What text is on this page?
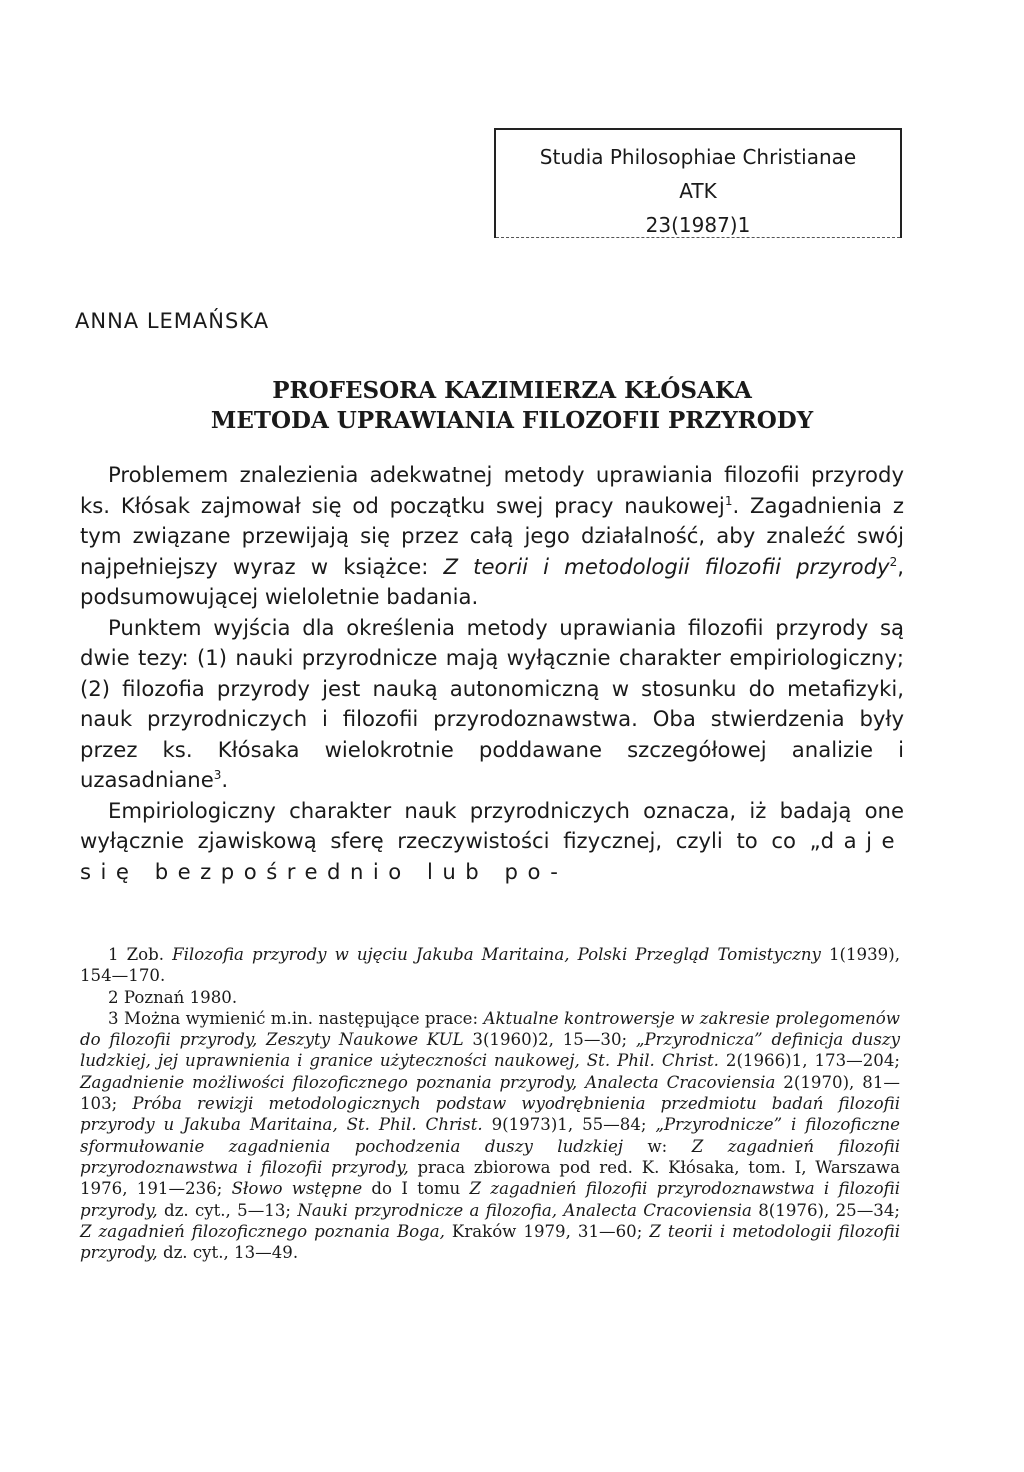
Studia Philosophiae Christianae
ATK
23(1987)1
ANNA LEMAŃSKA
PROFESORA KAZIMIERZA KŁÓSAKA
METODA UPRAWIANIA FILOZOFII PRZYRODY

Problemem znalezienia adekwatnej metody uprawiania filozofii przyrody ks. Kłósak zajmował się od początku swej pracy naukowej$^1$. Zagadnienia z tym związane przewijają się przez całą jego działalność, aby znaleźć swój najpełniejszy wyraz w książce: Z teorii i metodologii filozofii przyrody$^2$, podsumowującej wieloletnie badania.

Punktem wyjścia dla określenia metody uprawiania filozofii przyrody są dwie tezy: (1) nauki przyrodnicze mają wyłącznie charakter empiriologiczny; (2) filozofia przyrody jest nauką autonomiczną w stosunku do metafizyki, nauk przyrodniczych i filozofii przyrodoznawstwa. Oba stwierdzenia były przez ks. Kłósaka wielokrotnie poddawane szczegółowej analizie i uzasadniane$^3$.

Empiriologiczny charakter nauk przyrodniczych oznacza, iż badają one wyłącznie zjawiskową sferę rzeczywistości fizycznej, czyli to co „daje się bezpośrednio lub po-

1 Zob. Filozofia przyrody w ujęciu Jakuba Maritaina, Polski Przegląd Tomistyczny 1(1939), 154—170.

2 Poznań 1980.

3 Można wymienić m.in. następujące prace: Aktualne kontrowersje w zakresie prolegomenów do filozofii przyrody, Zeszyty Naukowe KUL 3(1960)2, 15—30; „Przyrodnicza” definicja duszy ludzkiej, jej uprawnienia i granice użyteczności naukowej, St. Phil. Christ. 2(1966)1, 173—204; Zagadnienie możliwości filozoficznego poznania przyrody, Analecta Cracoviensia 2(1970), 81—103; Próba rewizji metodologicznych podstaw wyodrębnienia przedmiotu badań filozofii przyrody u Jakuba Maritaina, St. Phil. Christ. 9(1973)1, 55—84; „Przyrodnicze” i filozoficzne sformułowanie zagadnienia pochodzenia duszy ludzkiej w: Z zagadnień filozofii przyrodoznawstwa i filozofii przyrody, praca zbiorowa pod red. K. Kłósaka, tom. I, Warszawa 1976, 191—236; Słowo wstępne do I tomu Z zagadnień filozofii przyrodoznawstwa i filozofii przyrody, dz. cyt., 5—13; Nauki przyrodnicze a filozofia, Analecta Cracoviensia 8(1976), 25—34; Z zagadnień filozoficznego poznania Boga, Kraków 1979, 31—60; Z teorii i metodologii filozofii przyrody, dz. cyt., 13—49.
